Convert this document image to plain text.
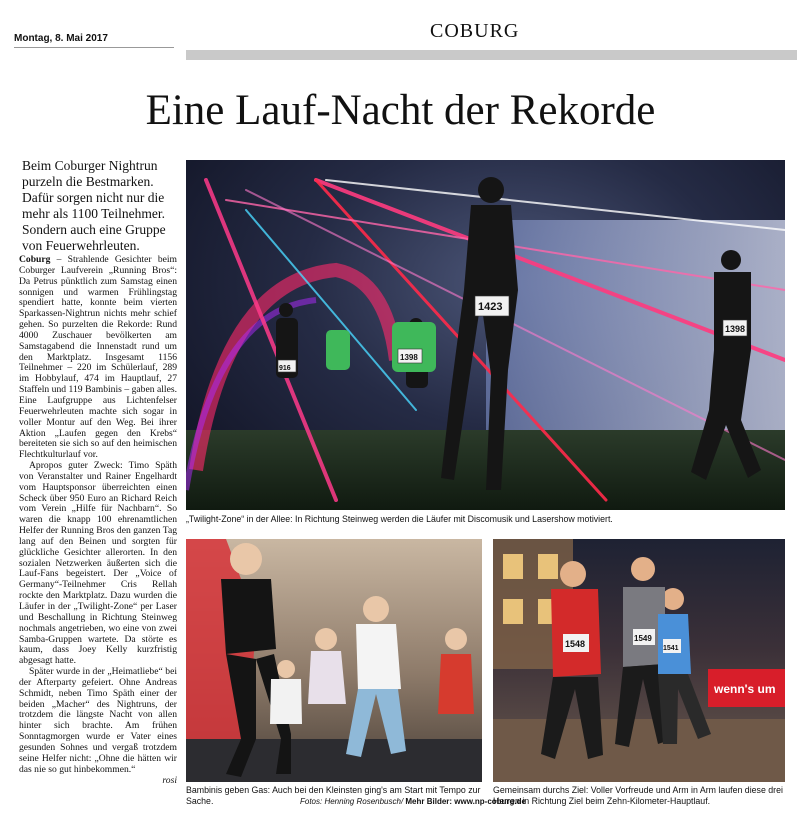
Montag, 8. Mai 2017	COBURG
Eine Lauf-Nacht der Rekorde
Beim Coburger Nightrun purzeln die Bestmarken. Dafür sorgen nicht nur die mehr als 1100 Teilnehmer. Sondern auch eine Gruppe von Feuerwehrleuten.

Coburg – Strahlende Gesichter beim Coburger Laufverein „Running Bros“: Da Petrus pünktlich zum Samstag einen sonnigen und warmen Frühlingstag spendiert hatte, konnte beim vierten Sparkassen-Nightrun nichts mehr schief gehen. So purzelten die Rekorde: Rund 4000 Zuschauer bevölkerten am Samstagabend die Innenstadt rund um den Marktplatz. Insgesamt 1156 Teilnehmer – 220 im Schülerlauf, 289 im Hobbylauf, 474 im Hauptlauf, 27 Staffeln und 119 Bambinis – gaben alles. Eine Laufgruppe aus Lichtenfelser Feuerwehrleuten machte sich sogar in voller Montur auf den Weg. Bei ihrer Aktion „Laufen gegen den Krebs“ bereiteten sie sich so auf den heimischen Flechtkulturlauf vor.

Apropos guter Zweck: Timo Späth von Veranstalter und Rainer Engelhardt vom Hauptsponsor überreichten einen Scheck über 950 Euro an Richard Reich vom Verein „Hilfe für Nachbarn“. So waren die knapp 100 ehrenamtlichen Helfer der Running Bros den ganzen Tag lang auf den Beinen und sorgten für glückliche Gesichter allerorten. In den sozialen Netzwerken äußerten sich die Lauf-Fans begeistert. Der „Voice of Germany“-Teilnehmer Cris Rellah rockte den Marktplatz. Dazu wurden die Läufer in der „Twilight-Zone“ per Laser und Beschallung in Richtung Steinweg nochmals angetrieben, wo eine von zwei Samba-Gruppen wartete. Da störte es kaum, dass Joey Kelly kurzfristig abgesagt hatte.

Später wurde in der „Heimatliebe“ bei der Afterparty gefeiert. Ohne Andreas Schmidt, neben Timo Späth einer der beiden „Macher“ des Nightruns, der trotzdem die längste Nacht von allen hinter sich brachte. Am frühen Sonntagmorgen wurde er Vater eines gesunden Sohnes und vergaß trotzdem seine Helfer nicht: „Ohne die hätten wir das nie so gut hinbekommen.“
rosi

1423
1398
1398
916
„Twilight-Zone“ in der Allee: In Richtung Steinweg werden die Läufer mit Discomusik und Lasershow motiviert.
Bambinis geben Gas: Auch bei den Kleinsten ging's am Start mit Tempo zur Sache.	Fotos: Henning Rosenbusch/ Mehr Bilder: www.np-coburg.de
wenn's um
1548
1549
1541
Gemeinsam durchs Ziel: Voller Vorfreude und Arm in Arm laufen diese drei Herren in Richtung Ziel beim Zehn-Kilometer-Hauptlauf.
